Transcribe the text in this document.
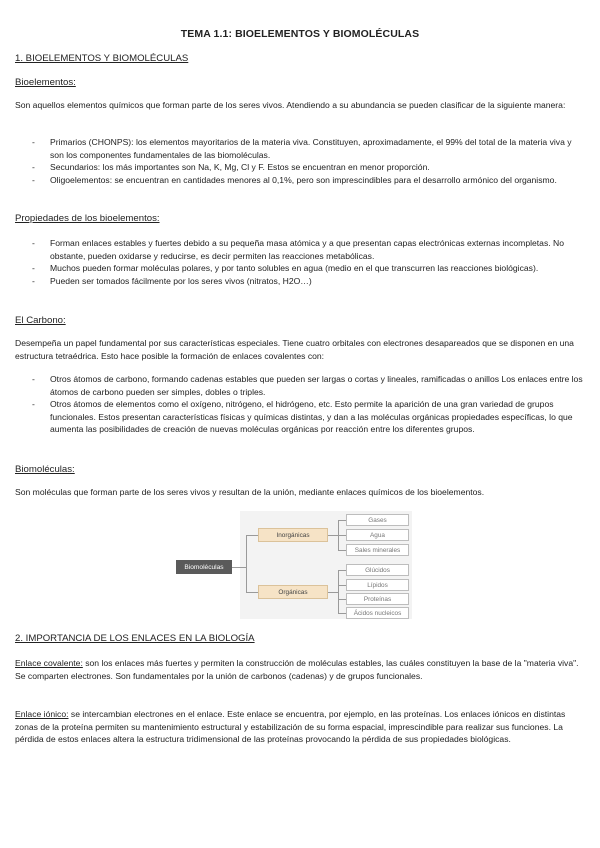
TEMA 1.1: BIOELEMENTOS Y BIOMOLÉCULAS
1. BIOELEMENTOS Y BIOMOLÉCULAS
Bioelementos:
Son aquellos elementos químicos que forman parte de los seres vivos. Atendiendo a su abundancia se pueden clasificar de la siguiente manera:
- Primarios (CHONPS): los elementos mayoritarios de la materia viva. Constituyen, aproximadamente, el 99% del total de la materia viva y son los componentes fundamentales de las biomoléculas.
- Secundarios: los más importantes son Na, K, Mg, Cl y F. Estos se encuentran en menor proporción.
- Oligoelementos: se encuentran en cantidades menores al 0,1%, pero son imprescindibles para el desarrollo armónico del organismo.
Propiedades de los bioelementos:
- Forman enlaces estables y fuertes debido a su pequeña masa atómica y a que presentan capas electrónicas externas incompletas. No obstante, pueden oxidarse y reducirse, es decir permiten las reacciones metabólicas.
- Muchos pueden formar moléculas polares, y por tanto solubles en agua (medio en el que transcurren las reacciones biológicas).
- Pueden ser tomados fácilmente por los seres vivos (nitratos, H2O…)
El Carbono:
Desempeña un papel fundamental por sus características especiales. Tiene cuatro orbitales con electrones desapareados que se disponen en una estructura tetraédrica. Esto hace posible la formación de enlaces covalentes con:
- Otros átomos de carbono, formando cadenas estables que pueden ser largas o cortas y lineales, ramificadas o anillos Los enlaces entre los átomos de carbono pueden ser simples, dobles o triples.
- Otros átomos de elementos como el oxígeno, nitrógeno, el hidrógeno, etc. Esto permite la aparición de una gran variedad de grupos funcionales. Estos presentan características físicas y químicas distintas, y dan a las moléculas orgánicas propiedades específicas, lo que aumenta las posibilidades de creación de nuevas moléculas orgánicas por reacción entre los diferentes grupos.
Biomoléculas:
Son moléculas que forman parte de los seres vivos y resultan de la unión, mediante enlaces químicos de los bioelementos.
Biomoléculas
Inorgánicas
Orgánicas
Gases
Agua
Sales minerales
Glúcidos
Lípidos
Proteínas
Ácidos nucleicos
2. IMPORTANCIA DE LOS ENLACES EN LA BIOLOGÍA
Enlace covalente: son los enlaces más fuertes y permiten la construcción de moléculas estables, las cuáles constituyen la base de la "materia viva". Se comparten electrones. Son fundamentales por la unión de carbonos (cadenas) y de grupos funcionales.
Enlace iónico: se intercambian electrones en el enlace. Este enlace se encuentra, por ejemplo, en las proteínas. Los enlaces iónicos en distintas zonas de la proteína permiten su mantenimiento estructural y estabilización de su forma espacial, imprescindible para realizar sus funciones. La pérdida de estos enlaces altera la estructura tridimensional de las proteínas provocando la pérdida de sus propiedades biológicas.
